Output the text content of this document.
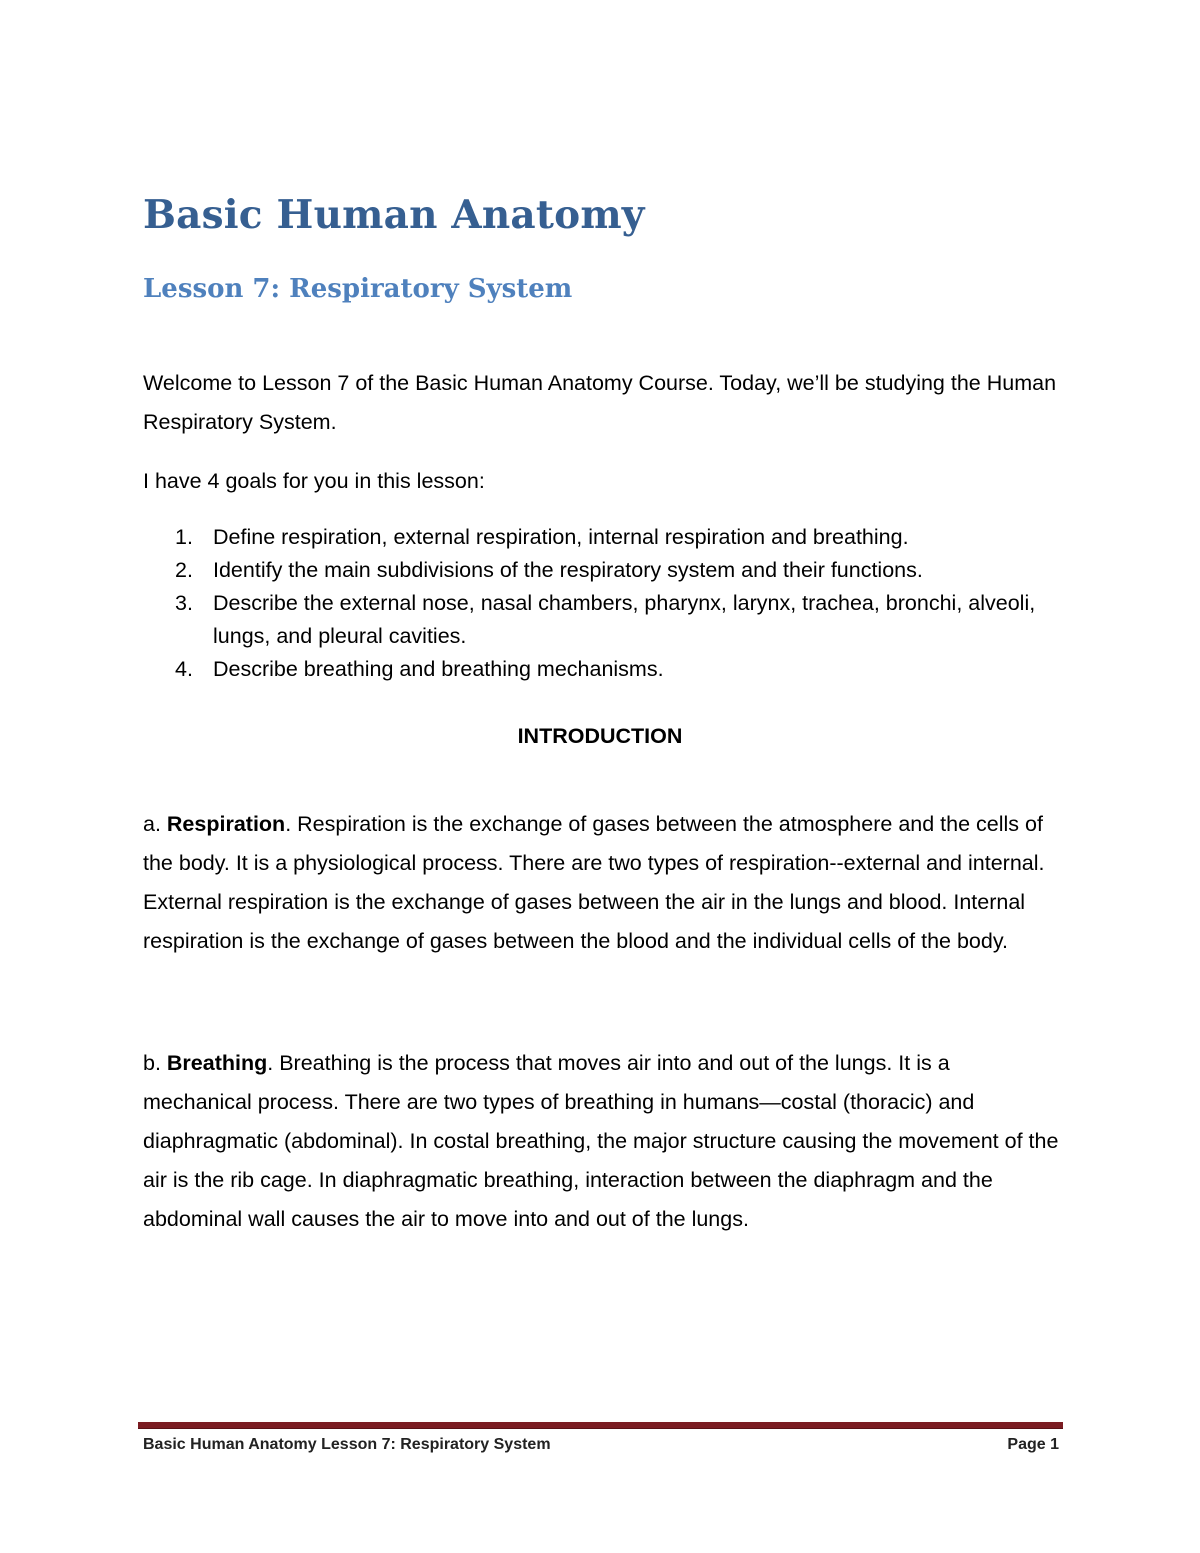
Basic Human Anatomy
Lesson 7: Respiratory System

Welcome to Lesson 7 of the Basic Human Anatomy Course. Today, we’ll be studying the Human Respiratory System.

I have 4 goals for you in this lesson:

1. Define respiration, external respiration, internal respiration and breathing.
2. Identify the main subdivisions of the respiratory system and their functions.
3. Describe the external nose, nasal chambers, pharynx, larynx, trachea, bronchi, alveoli, lungs, and pleural cavities.
4. Describe breathing and breathing mechanisms.
INTRODUCTION

a. Respiration. Respiration is the exchange of gases between the atmosphere and the cells of the body. It is a physiological process. There are two types of respiration--external and internal. External respiration is the exchange of gases between the air in the lungs and blood. Internal respiration is the exchange of gases between the blood and the individual cells of the body.

b. Breathing. Breathing is the process that moves air into and out of the lungs. It is a mechanical process. There are two types of breathing in humans—costal (thoracic) and diaphragmatic (abdominal). In costal breathing, the major structure causing the movement of the air is the rib cage. In diaphragmatic breathing, interaction between the diaphragm and the abdominal wall causes the air to move into and out of the lungs.

Basic Human Anatomy Lesson 7: Respiratory System	Page 1
